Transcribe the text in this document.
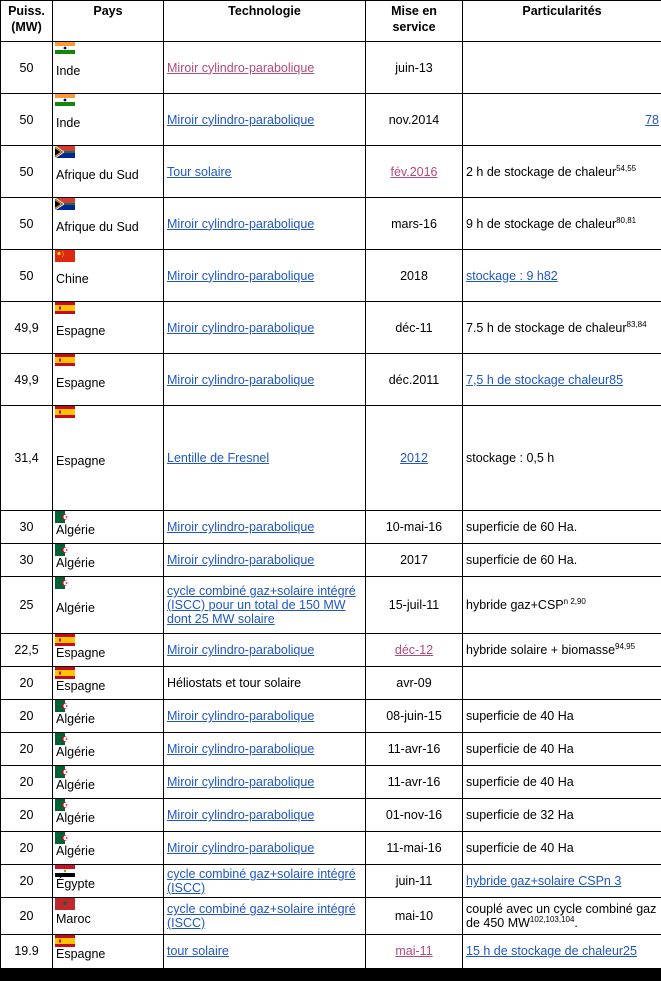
Puiss. (MW)	Pays	Technologie	Mise en service	Particularités
50	Inde	Miroir cylindro-parabolique	juin-13	
50	Inde	Miroir cylindro-parabolique	nov.2014	78

50	Afrique du Sud	Tour solaire	fév.2016	2 h de stockage de chaleur$^{54,55}$
50	Afrique du Sud	Miroir cylindro-parabolique	mars-16	9 h de stockage de chaleur$^{80,81}$
50	Chine	Miroir cylindro-parabolique	2018	stockage : 9 h82
49,9	Espagne	Miroir cylindro-parabolique	déc-11	7.5 h de stockage de chaleur$^{83,84}$
49,9	Espagne	Miroir cylindro-parabolique	déc.2011	7,5 h de stockage chaleur85
31,4	Espagne	Lentille de Fresnel	2012	stockage : 0,5 h
30	Algérie	Miroir cylindro-parabolique	10-mai-16	superficie de 60 Ha.
30	Algérie	Miroir cylindro-parabolique	2017	superficie de 60 Ha.
25	Algérie	cycle combiné gaz+solaire intégré (ISCC) pour un total de 150 MW dont 25 MW solaire	15-juil-11	hybride $gaz+CSP^{n 2,90}$
22,5	Espagne	Miroir cylindro-parabolique	déc-12	hybride solaire + biomasse$^{94,95}$
20	Espagne	Héliostats et tour solaire	avr-09	
20	Algérie	Miroir cylindro-parabolique	08-juin-15	superficie de 40 Ha
20	Algérie	Miroir cylindro-parabolique	11-avr-16	superficie de 40 Ha
20	Algérie	Miroir cylindro-parabolique	11-avr-16	superficie de 40 Ha
20	Algérie	Miroir cylindro-parabolique	01-nov-16	superficie de 32 Ha
20	Algérie	Miroir cylindro-parabolique	11-mai-16	superficie de 40 Ha
20	Égypte	cycle combiné gaz+solaire intégré (ISCC)	juin-11	hybride gaz+solaire CSPn 3
20	Maroc	cycle combiné gaz+solaire intégré (ISCC)	mai-10	couplé avec un cycle combiné gaz de 450 MW$^{102,103,104}$.
19.9	Espagne	tour solaire	mai-11	15 h de stockage de chaleur25
